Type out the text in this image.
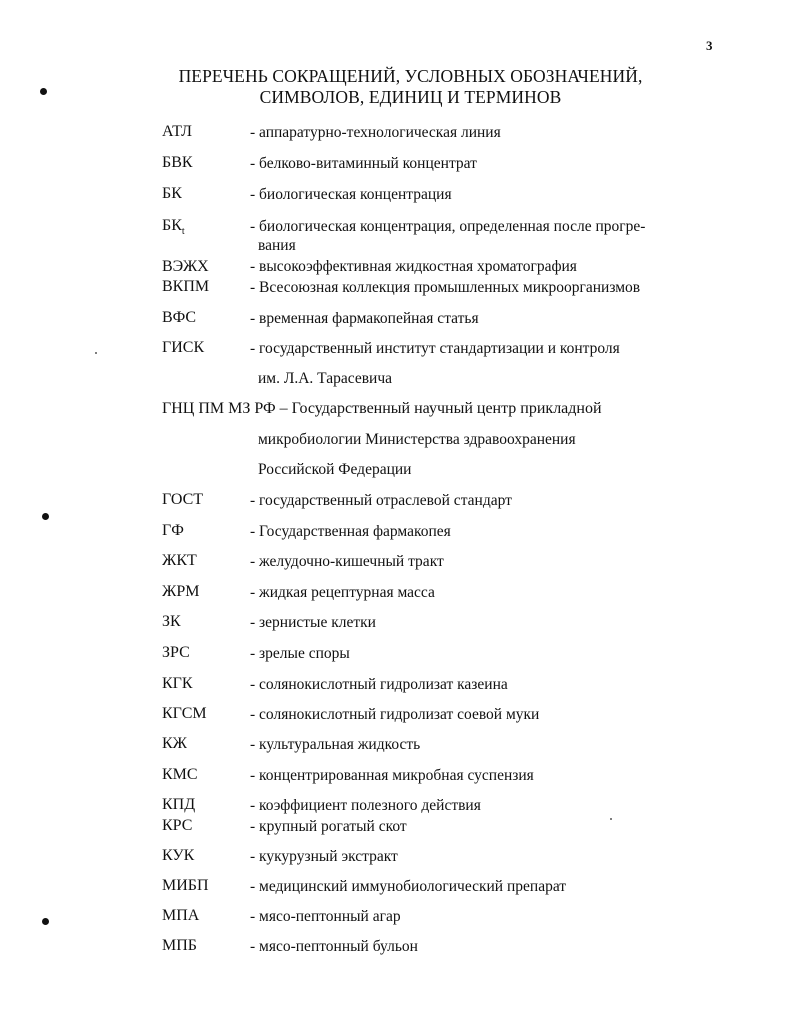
3
ПЕРЕЧЕНЬ СОКРАЩЕНИЙ, УСЛОВНЫХ ОБОЗНАЧЕНИЙ,
СИМВОЛОВ, ЕДИНИЦ И ТЕРМИНОВ
АТЛ	- аппаратурно-технологическая линия
БВК	- белково-витаминный концентрат
БК	- биологическая концентрация
$БК_t$	- биологическая концентрация, определенная после прогре-
вания
ВЭЖХ	- высокоэффективная жидкостная хроматография
ВКПМ	- Всесоюзная коллекция промышленных микроорганизмов
ВФС	- временная фармакопейная статья
ГИСК	- государственный институт стандартизации и контроля
им. Л.А. Тарасевича
ГНЦ ПМ МЗ РФ – Государственный научный центр прикладной
микробиологии Министерства здравоохранения
Российской Федерации
ГОСТ	- государственный отраслевой стандарт
ГФ	- Государственная фармакопея
ЖКТ	- желудочно-кишечный тракт
ЖРМ	- жидкая рецептурная масса
ЗК	- зернистые клетки
ЗРС	- зрелые споры
КГК	- солянокислотный гидролизат казеина
КГСМ	- солянокислотный гидролизат соевой муки
КЖ	- культуральная жидкость
КМС	- концентрированная микробная суспензия
КПД	- коэффициент полезного действия
КРС	- крупный рогатый скот
КУК	- кукурузный экстракт
МИБП	- медицинский иммунобиологический препарат
МПА	- мясо-пептонный агар
МПБ	- мясо-пептонный бульон
